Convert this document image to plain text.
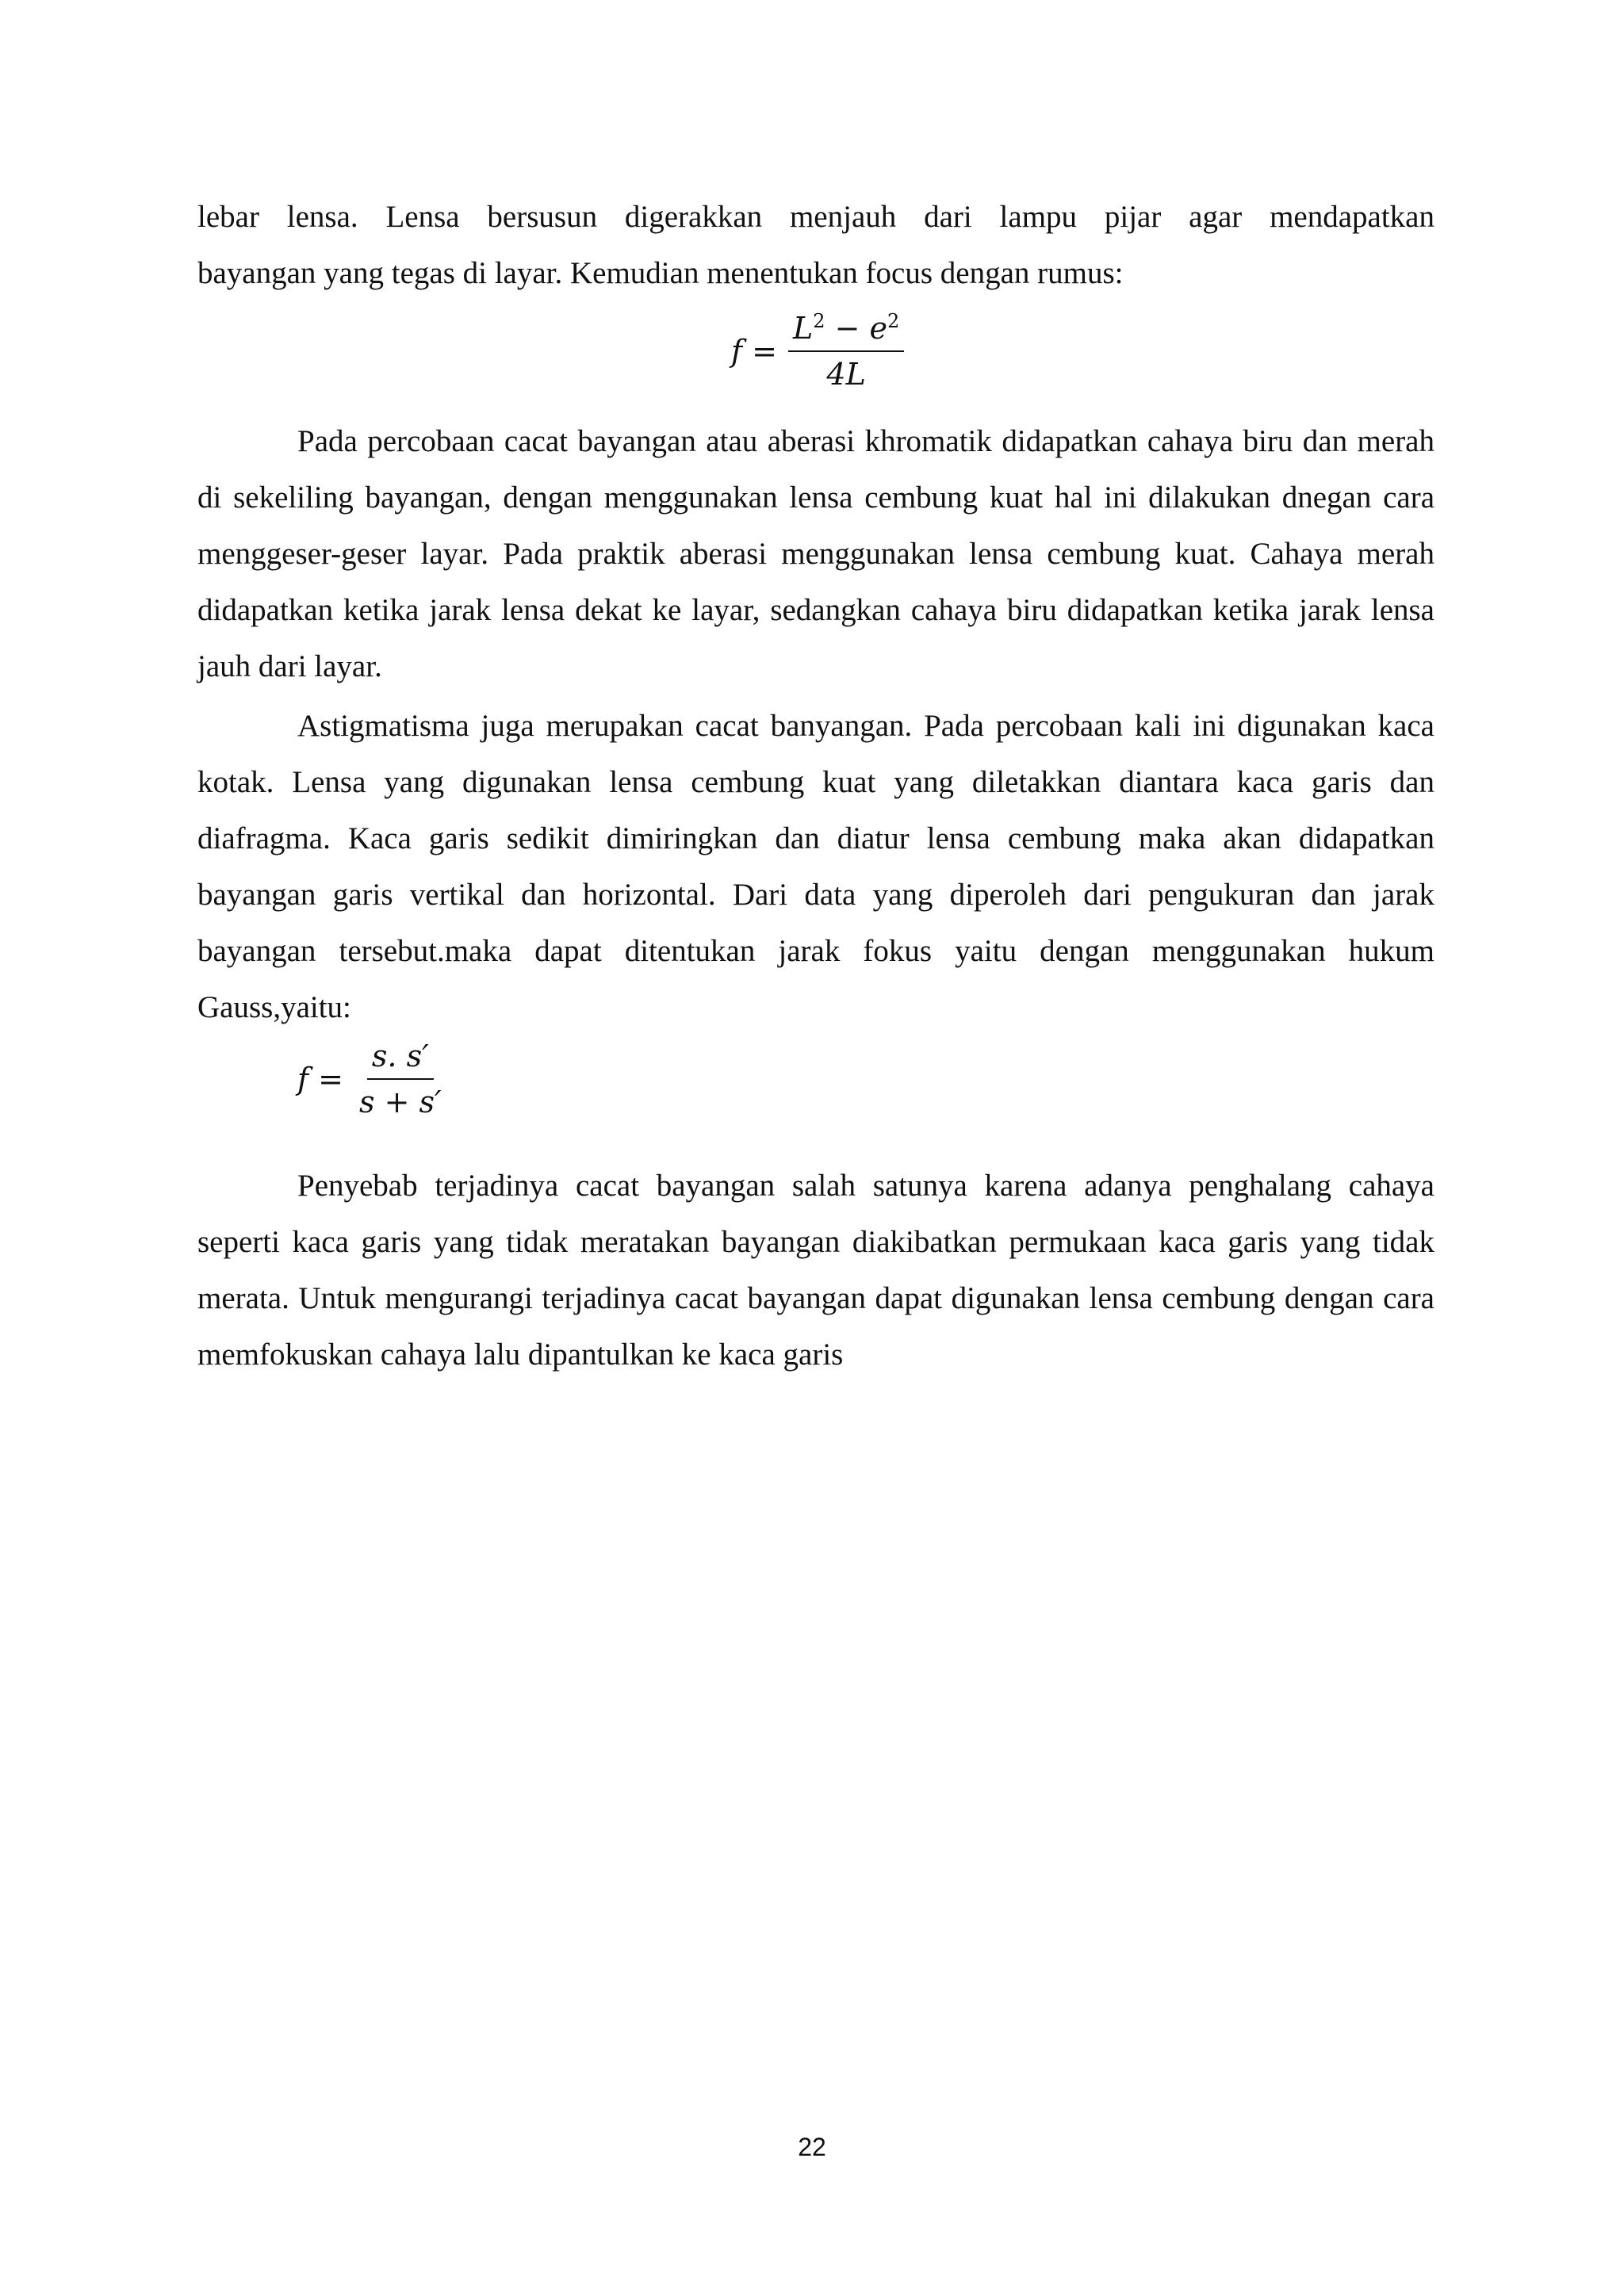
lebar lensa. Lensa bersusun digerakkan menjauh dari lampu pijar agar mendapatkan
bayangan yang tegas di layar. Kemudian menentukan focus dengan rumus:
$f = \frac{L^2 - e^2}{4L}$
Pada percobaan cacat bayangan atau aberasi khromatik didapatkan cahaya biru dan merah di sekeliling bayangan, dengan menggunakan lensa cembung kuat hal ini dilakukan dnegan cara menggeser-geser layar. Pada praktik aberasi menggunakan lensa cembung kuat. Cahaya merah didapatkan ketika jarak lensa dekat ke layar, sedangkan cahaya biru didapatkan ketika jarak lensa jauh dari layar.
Astigmatisma juga merupakan cacat banyangan. Pada percobaan kali ini digunakan kaca kotak. Lensa yang digunakan lensa cembung kuat yang diletakkan diantara kaca garis dan diafragma. Kaca garis sedikit dimiringkan dan diatur lensa cembung maka akan didapatkan bayangan garis vertikal dan horizontal. Dari data yang diperoleh dari pengukuran dan jarak bayangan tersebut.maka dapat ditentukan jarak fokus yaitu dengan menggunakan hukum Gauss,yaitu:
$f = \frac{s. s'}{s + s'}$
Penyebab terjadinya cacat bayangan salah satunya karena adanya penghalang cahaya seperti kaca garis yang tidak meratakan bayangan diakibatkan permukaan kaca garis yang tidak merata. Untuk mengurangi terjadinya cacat bayangan dapat digunakan lensa cembung dengan cara memfokuskan cahaya lalu dipantulkan ke kaca garis
22
